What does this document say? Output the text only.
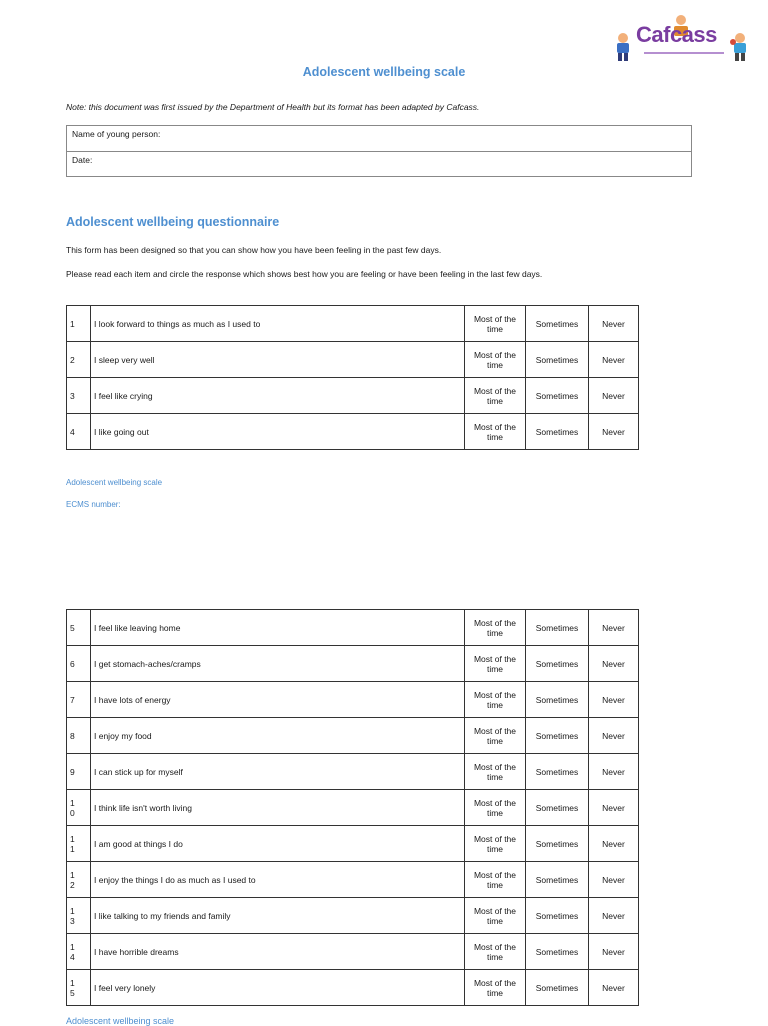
Cafcass
Adolescent wellbeing scale
Note: this document was first issued by the Department of Health but its format has been adapted by Cafcass.
Name of young person:
Date:
Adolescent wellbeing questionnaire
This form has been designed so that you can show how you have been feeling in the past few days.
Please read each item and circle the response which shows best how you are feeling or have been feeling in the last few days.
1	I look forward to things as much as I used to	Most of the
time	Sometimes	Never
2	I sleep very well	Most of the
time	Sometimes	Never
3	I feel like crying	Most of the
time	Sometimes	Never
4	I like going out	Most of the
time	Sometimes	Never
Adolescent wellbeing scale
ECMS number:
5	I feel like leaving home	Most of the
time	Sometimes	Never
6	I get stomach-aches/cramps	Most of the
time	Sometimes	Never
7	I have lots of energy	Most of the
time	Sometimes	Never
8	I enjoy my food	Most of the
time	Sometimes	Never
9	I can stick up for myself	Most of the
time	Sometimes	Never
1
0	I think life isn't worth living	Most of the
time	Sometimes	Never
1
1	I am good at things I do	Most of the
time	Sometimes	Never
1
2	I enjoy the things I do as much as I used to	Most of the
time	Sometimes	Never
1
3	I like talking to my friends and family	Most of the
time	Sometimes	Never
1
4	I have horrible dreams	Most of the
time	Sometimes	Never
1
5	I feel very lonely	Most of the
time	Sometimes	Never
Adolescent wellbeing scale
